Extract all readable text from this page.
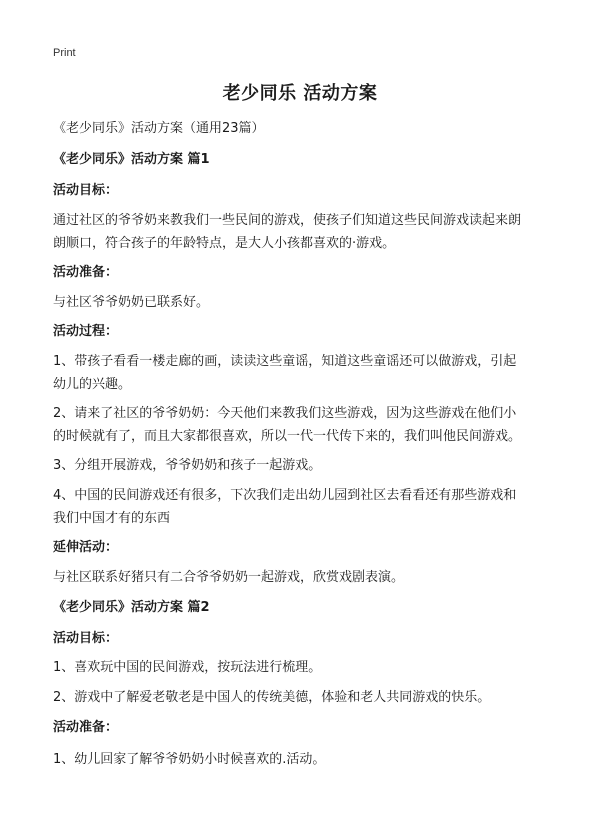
Print
老少同乐 活动方案
《老少同乐》活动方案（通用23篇）
《老少同乐》活动方案 篇1
活动目标：
通过社区的爷爷奶来教我们一些民间的游戏，使孩子们知道这些民间游戏读起来朗
朗顺口，符合孩子的年龄特点，是大人小孩都喜欢的·游戏。
活动准备：
与社区爷爷奶奶已联系好。
活动过程：
1、带孩子看看一楼走廊的画，读读这些童谣，知道这些童谣还可以做游戏，引起
幼儿的兴趣。
2、请来了社区的爷爷奶奶：今天他们来教我们这些游戏，因为这些游戏在他们小
的时候就有了，而且大家都很喜欢，所以一代一代传下来的，我们叫他民间游戏。
3、分组开展游戏，爷爷奶奶和孩子一起游戏。
4、中国的民间游戏还有很多，下次我们走出幼儿园到社区去看看还有那些游戏和
我们中国才有的东西
延伸活动：
与社区联系好猪只有二合爷爷奶奶一起游戏，欣赏戏剧表演。
《老少同乐》活动方案 篇2
活动目标：
1、喜欢玩中国的民间游戏，按玩法进行梳理。
2、游戏中了解爱老敬老是中国人的传统美德，体验和老人共同游戏的快乐。
活动准备：
1、幼儿回家了解爷爷奶奶小时候喜欢的.活动。
